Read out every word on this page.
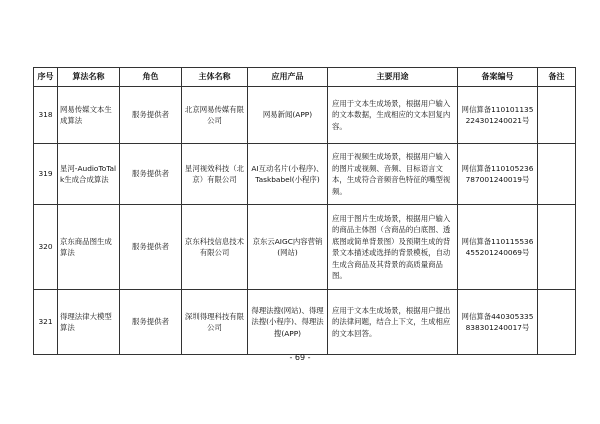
序号	算法名称	角色	主体名称	应用产品	主要用途	备案编号	备注
318	网易传媒文本生成算法	服务提供者	北京网易传媒有限公司	网易新闻(APP)	应用于文本生成场景，根据用户输入的文本数据，生成相应的文本回复内容。	网信算备110101135224301240021号	
319	星河-AudioToTalk生成合成算法	服务提供者	星河视效科技（北京）有限公司	AI互动名片(小程序)、Taskbabel(小程序)	应用于视频生成场景，根据用户输入的图片或视频、音频、目标语言文本，生成符合音频音色特征的嘴型视频。	网信算备110105236787001240019号	
320	京东商品图生成算法	服务提供者	京东科技信息技术有限公司	京东云AIGC内容营销(网站)	应用于图片生成场景，根据用户输入的商品主体图（含商品的白底图、透底图或简单背景图）及预期生成的背景文本描述或选择的背景模板，自动生成含商品及其背景的高质量商品图。	网信算备110115536455201240069号	
321	得理法律大模型算法	服务提供者	深圳得理科技有限公司	得理法搜(网站)、得理法搜(小程序)、得理法搜(APP)	应用于文本生成场景，根据用户提出的法律问题，结合上下文，生成相应的文本回答。	网信算备440305335838301240017号	
- 69 -
